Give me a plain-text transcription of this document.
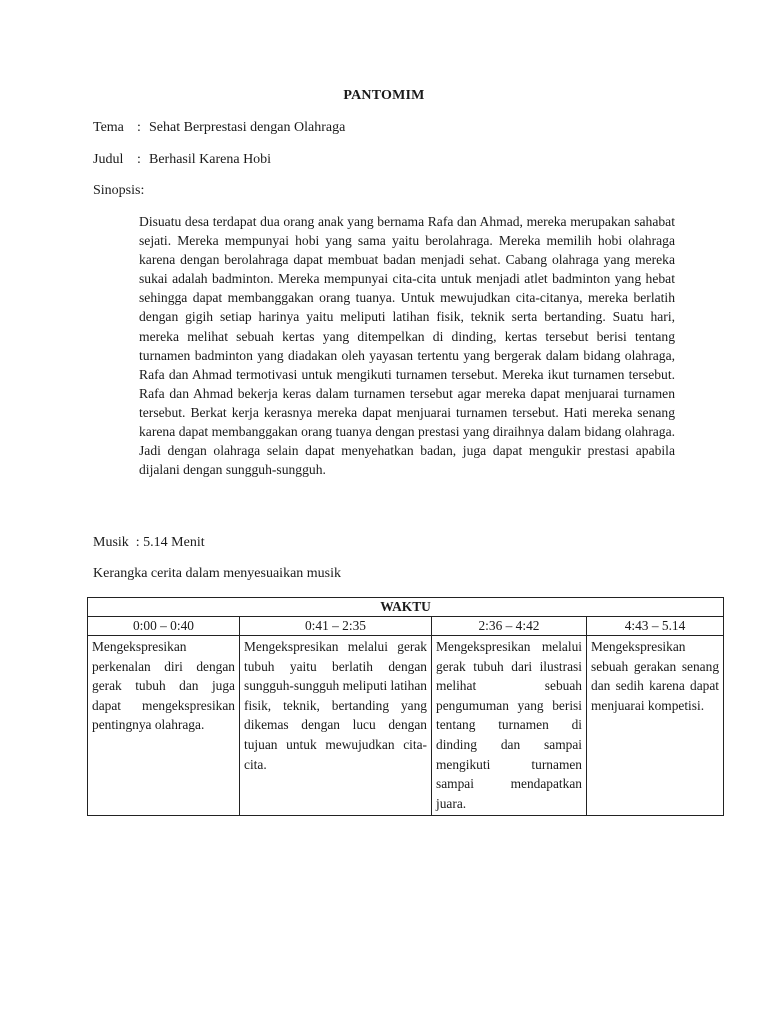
PANTOMIM
Tema : Sehat Berprestasi dengan Olahraga
Judul : Berhasil Karena Hobi
Sinopsis:

Disuatu desa terdapat dua orang anak yang bernama Rafa dan Ahmad, mereka merupakan sahabat sejati. Mereka mempunyai hobi yang sama yaitu berolahraga. Mereka memilih hobi olahraga karena dengan berolahraga dapat membuat badan menjadi sehat. Cabang olahraga yang mereka sukai adalah badminton. Mereka mempunyai cita-cita untuk menjadi atlet badminton yang hebat sehingga dapat membanggakan orang tuanya. Untuk mewujudkan cita-citanya, mereka berlatih dengan gigih setiap harinya yaitu meliputi latihan fisik, teknik serta bertanding. Suatu hari, mereka melihat sebuah kertas yang ditempelkan di dinding, kertas tersebut berisi tentang turnamen badminton yang diadakan oleh yayasan tertentu yang bergerak dalam bidang olahraga, Rafa dan Ahmad termotivasi untuk mengikuti turnamen tersebut. Mereka ikut turnamen tersebut. Rafa dan Ahmad bekerja keras dalam turnamen tersebut agar mereka dapat menjuarai turnamen tersebut. Berkat kerja kerasnya mereka dapat menjuarai turnamen tersebut. Hati mereka senang karena dapat membanggakan orang tuanya dengan prestasi yang diraihnya dalam bidang olahraga. Jadi dengan olahraga selain dapat menyehatkan badan, juga dapat mengukir prestasi apabila dijalani dengan sungguh-sungguh.

Musik  : 5.14 Menit
Kerangka cerita dalam menyesuaikan musik
WAKTU			
0:00 – 0:40	0:41 – 2:35	2:36 – 4:42	4:43 – 5.14
Mengekspresikan perkenalan diri dengan gerak tubuh dan juga dapat mengekspresikan pentingnya olahraga.	Mengekspresikan melalui gerak tubuh yaitu berlatih dengan sungguh-sungguh meliputi latihan fisik, teknik, bertanding yang dikemas dengan lucu dengan tujuan untuk mewujudkan cita-cita.	Mengekspresikan melalui gerak tubuh dari ilustrasi melihat sebuah pengumuman yang berisi tentang turnamen di dinding dan sampai mengikuti turnamen sampai mendapatkan juara.	Mengekspresikan sebuah gerakan senang dan sedih karena dapat menjuarai kompetisi.
